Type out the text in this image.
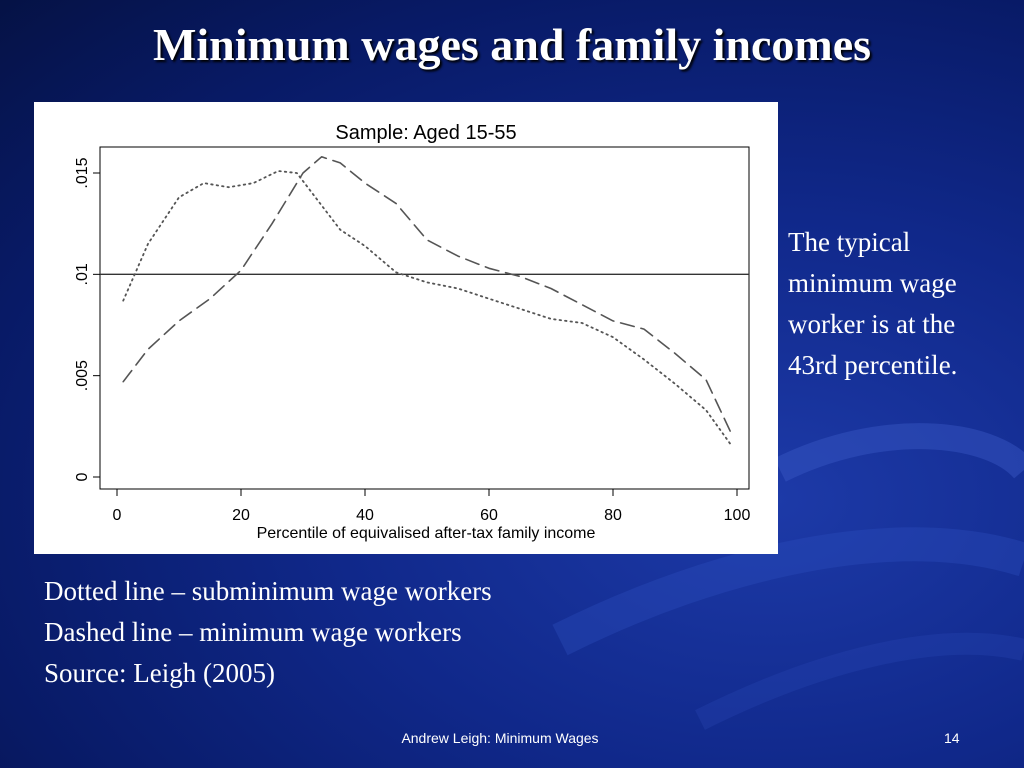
Minimum wages and family incomes
Sample: Aged 15-55
0	20	40	60	80	100
0
.005
.01
.015
Percentile of equivalised after-tax family income
The typical minimum wage worker is at the 43rd percentile.
Dotted line – subminimum wage workers
Dashed line – minimum wage workers
Source: Leigh (2005)
Andrew Leigh: Minimum Wages	14
